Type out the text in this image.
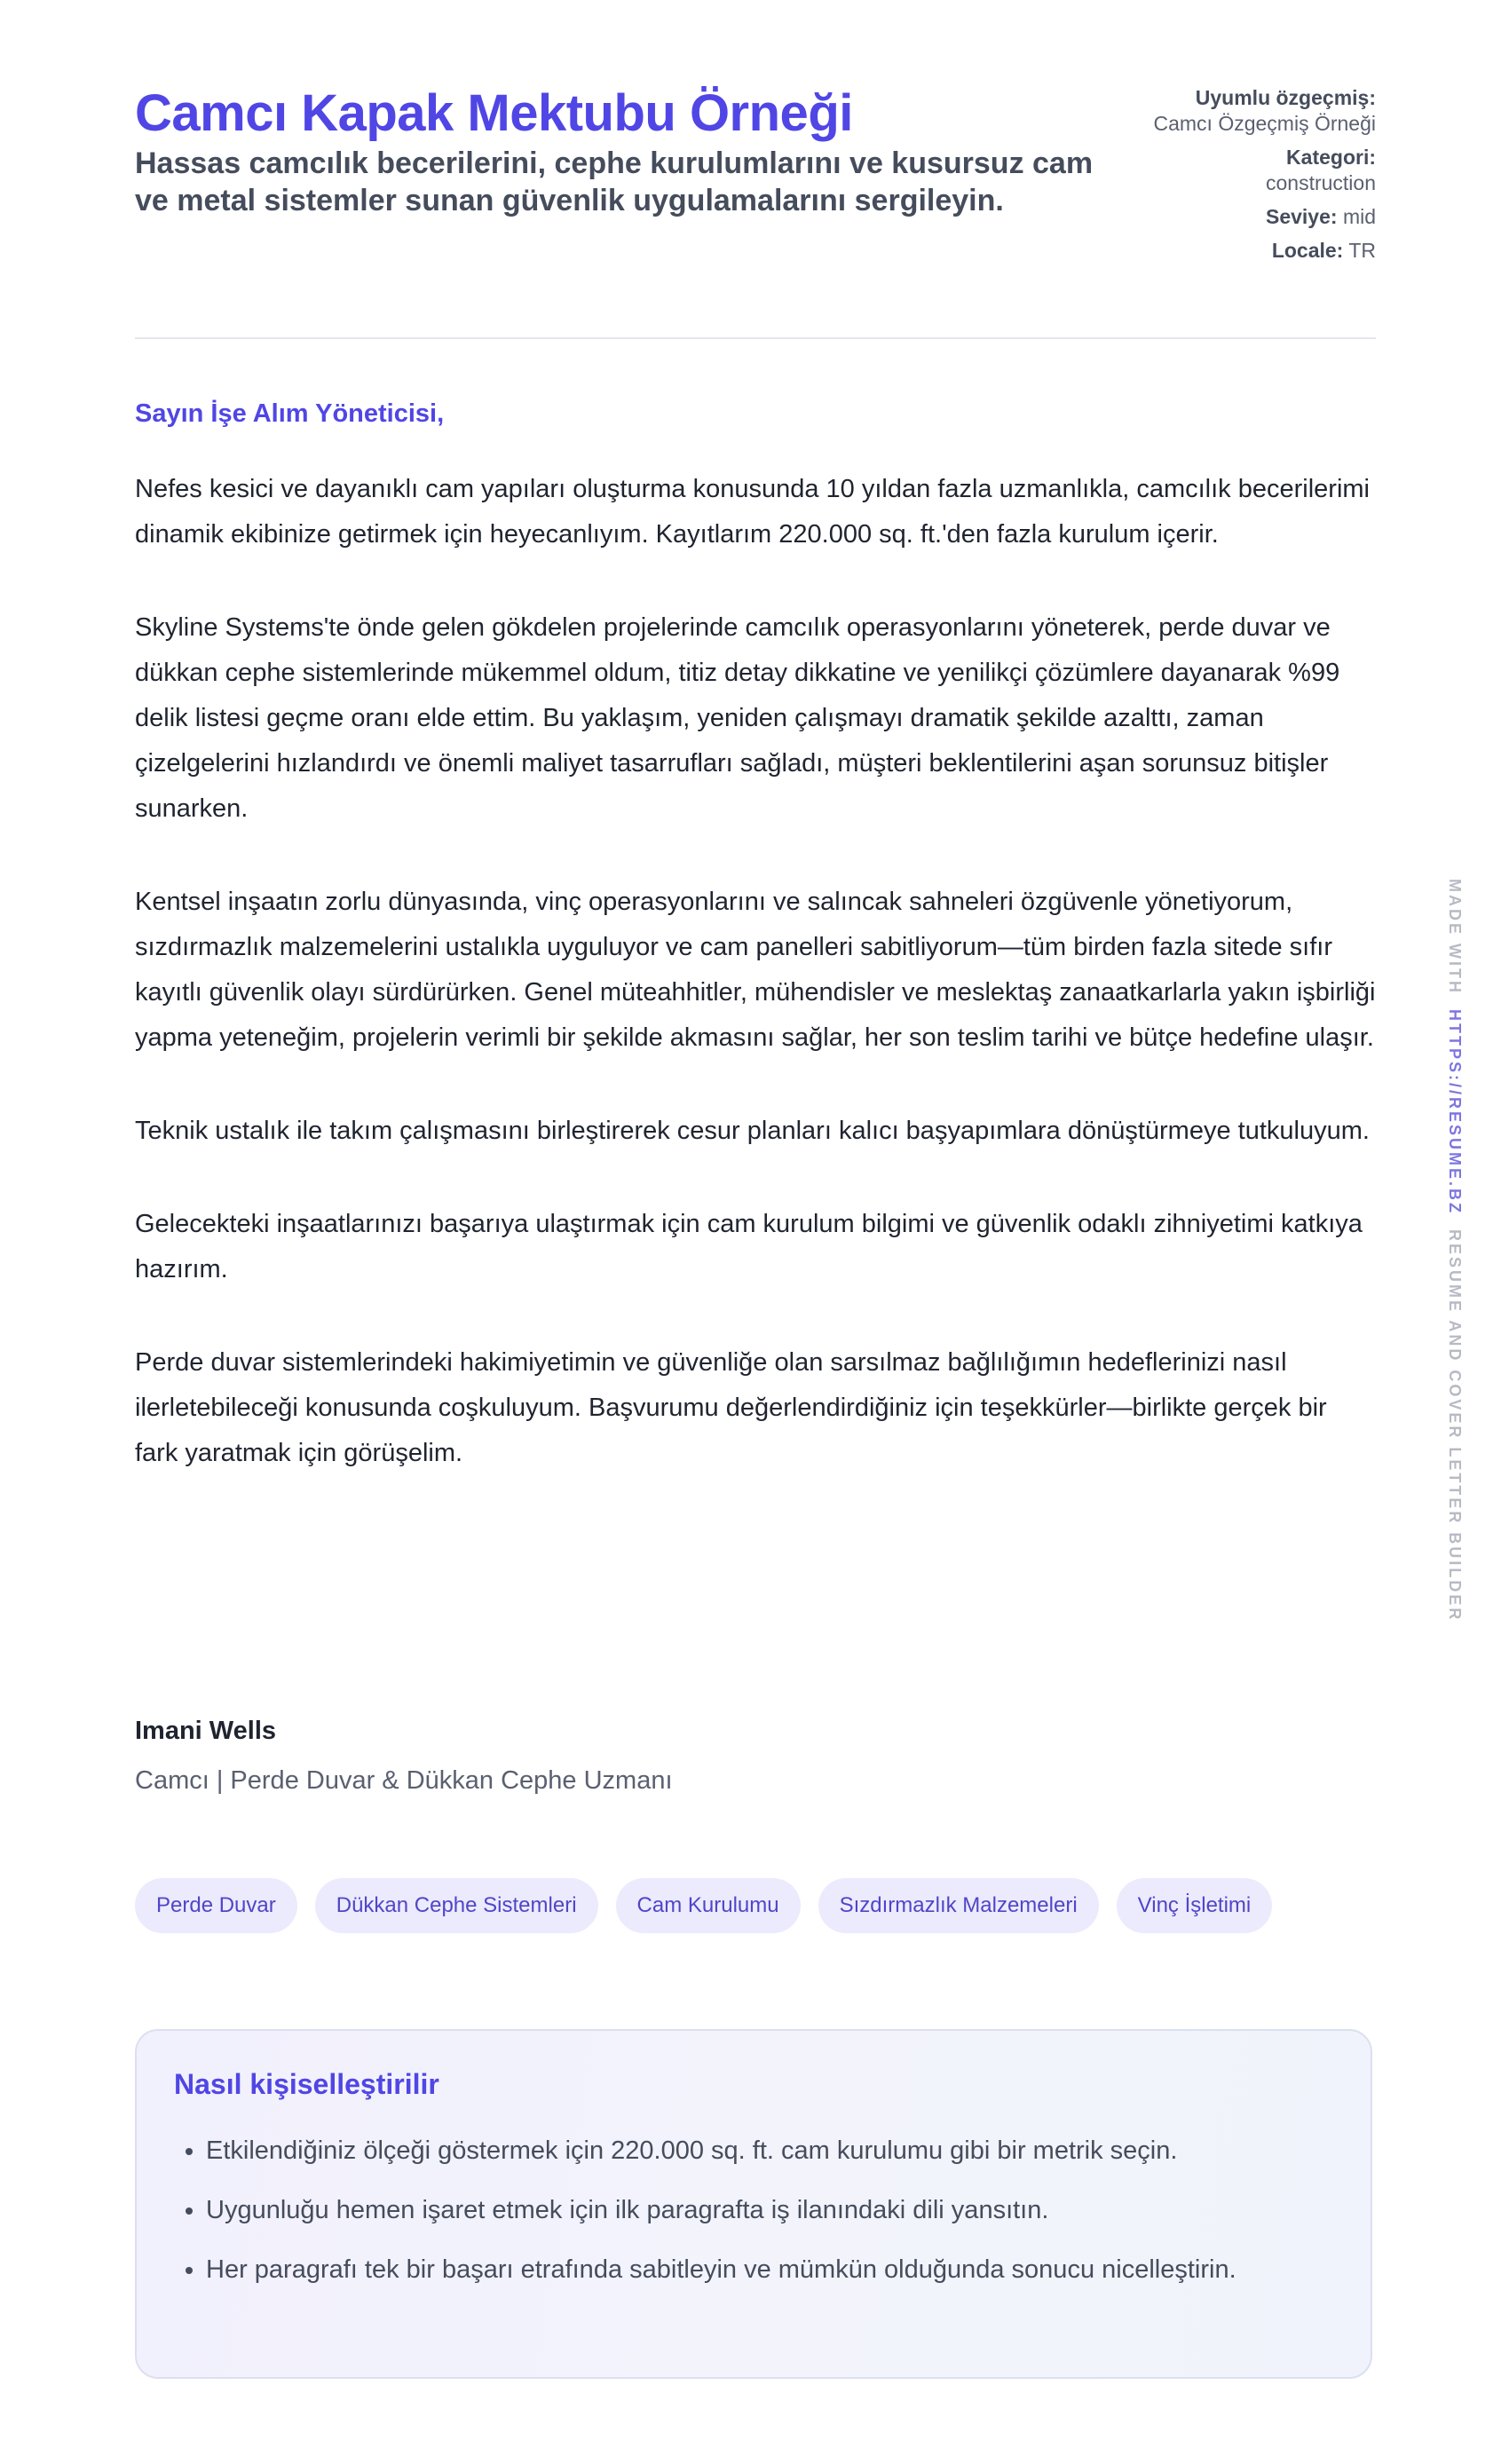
Camcı Kapak Mektubu Örneği

Hassas camcılık becerilerini, cephe kurulumlarını ve kusursuz cam ve metal sistemler sunan güvenlik uygulamalarını sergileyin.

Uyumlu özgeçmiş:
Camcı Özgeçmiş Örneği
Kategori:
construction
Seviye: mid
Locale: TR
Sayın İşe Alım Yöneticisi,

Nefes kesici ve dayanıklı cam yapıları oluşturma konusunda 10 yıldan fazla uzmanlıkla, camcılık becerilerimi dinamik ekibinize getirmek için heyecanlıyım. Kayıtlarım 220.000 sq. ft.'den fazla kurulum içerir.

Skyline Systems'te önde gelen gökdelen projelerinde camcılık operasyonlarını yöneterek, perde duvar ve dükkan cephe sistemlerinde mükemmel oldum, titiz detay dikkatine ve yenilikçi çözümlere dayanarak %99 delik listesi geçme oranı elde ettim. Bu yaklaşım, yeniden çalışmayı dramatik şekilde azalttı, zaman çizelgelerini hızlandırdı ve önemli maliyet tasarrufları sağladı, müşteri beklentilerini aşan sorunsuz bitişler sunarken.

Kentsel inşaatın zorlu dünyasında, vinç operasyonlarını ve salıncak sahneleri özgüvenle yönetiyorum, sızdırmazlık malzemelerini ustalıkla uyguluyor ve cam panelleri sabitliyorum—tüm birden fazla sitede sıfır kayıtlı güvenlik olayı sürdürürken. Genel müteahhitler, mühendisler ve meslektaş zanaatkarlarla yakın işbirliği yapma yeteneğim, projelerin verimli bir şekilde akmasını sağlar, her son teslim tarihi ve bütçe hedefine ulaşır.

Teknik ustalık ile takım çalışmasını birleştirerek cesur planları kalıcı başyapımlara dönüştürmeye tutkuluyum.

Gelecekteki inşaatlarınızı başarıya ulaştırmak için cam kurulum bilgimi ve güvenlik odaklı zihniyetimi katkıya hazırım.

Perde duvar sistemlerindeki hakimiyetimin ve güvenliğe olan sarsılmaz bağlılığımın hedeflerinizi nasıl ilerletebileceği konusunda coşkuluyum. Başvurumu değerlendirdiğiniz için teşekkürler—birlikte gerçek bir fark yaratmak için görüşelim.

Imani Wells
Camcı | Perde Duvar & Dükkan Cephe Uzmanı
Perde Duvar	Dükkan Cephe Sistemleri	Cam Kurulumu	Sızdırmazlık Malzemeleri	Vinç İşletimi
Nasıl kişiselleştirilir
• Etkilendiğiniz ölçeği göstermek için 220.000 sq. ft. cam kurulumu gibi bir metrik seçin.
• Uygunluğu hemen işaret etmek için ilk paragrafta iş ilanındaki dili yansıtın.
• Her paragrafı tek bir başarı etrafında sabitleyin ve mümkün olduğunda sonucu nicelleştirin.
MADE WITH  HTTPS://RESUME.BZ  RESUME AND COVER LETTER BUILDER
